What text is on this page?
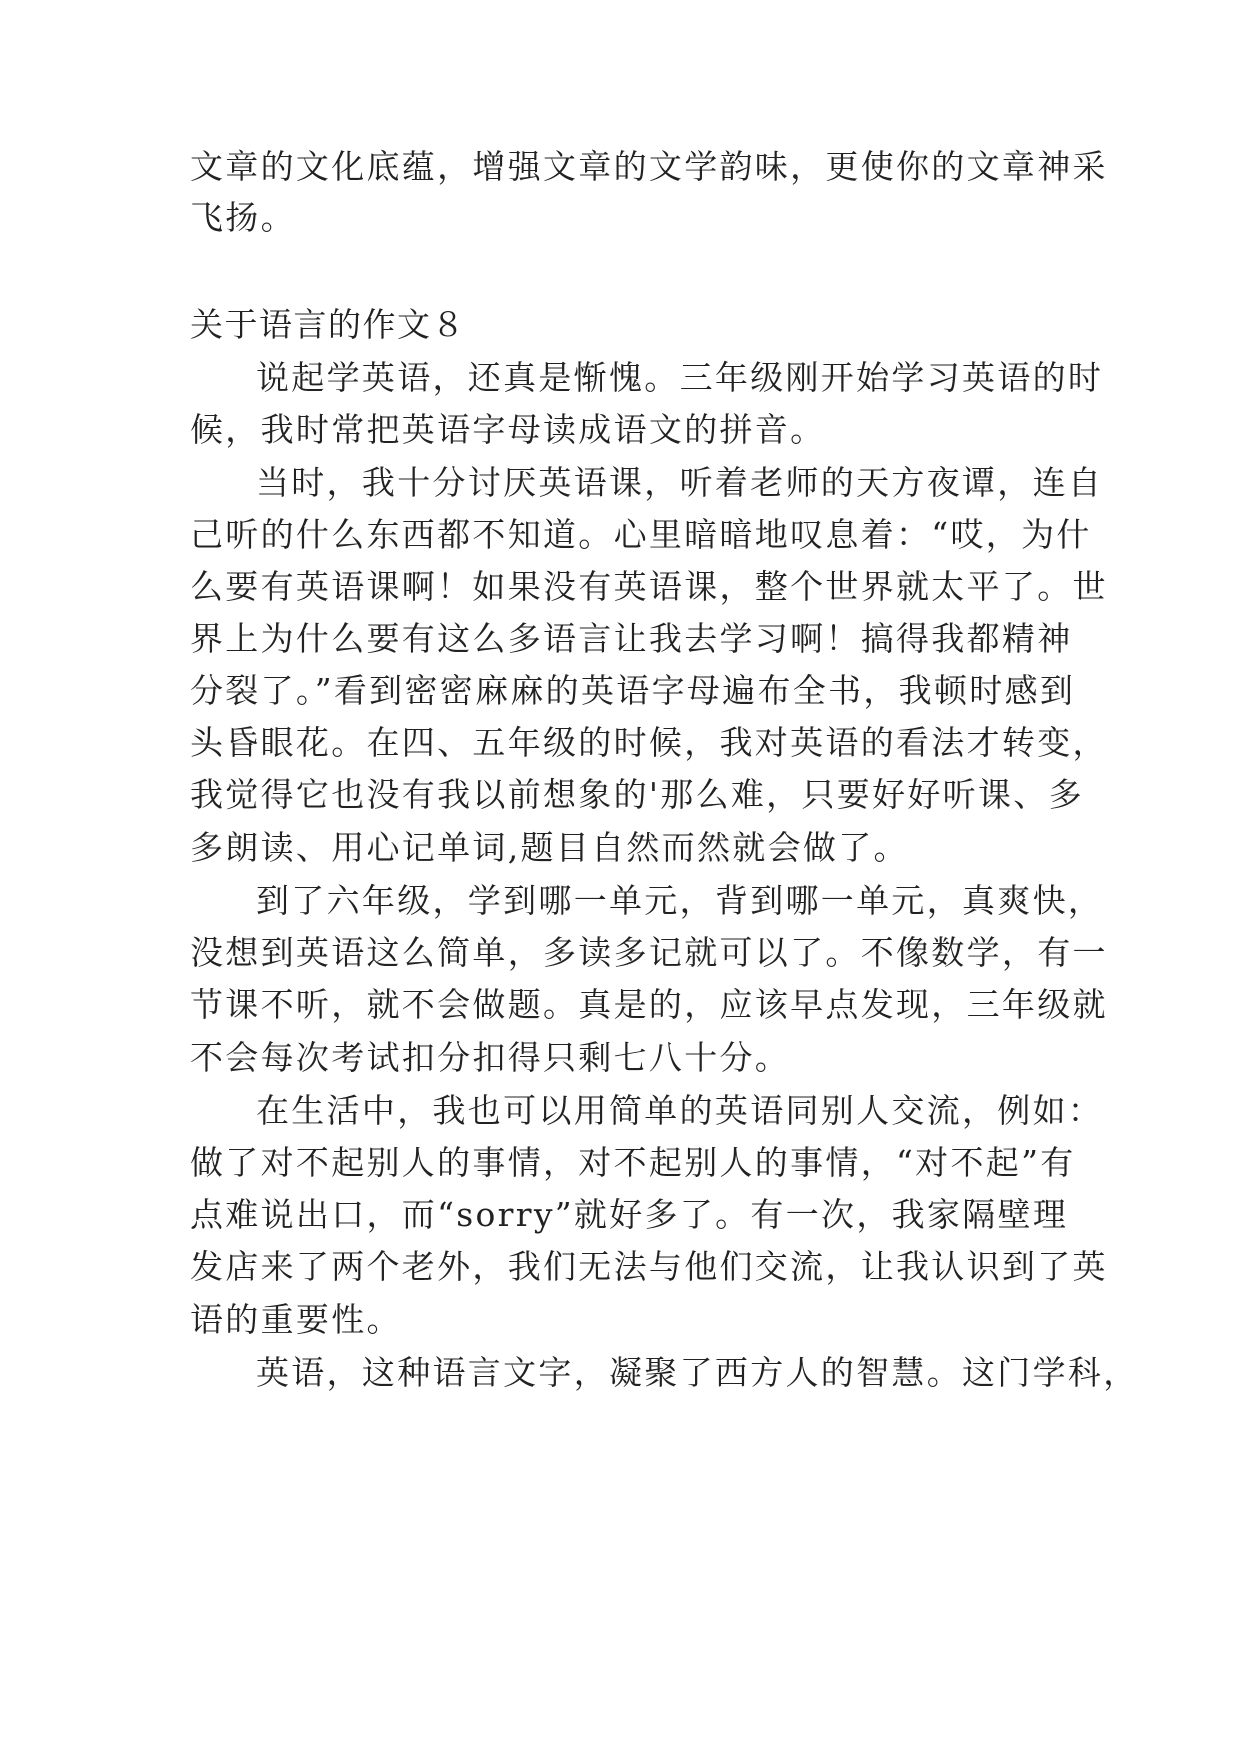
文章的文化底蕴，增强文章的文学韵味，更使你的文章神采
飞扬。
关于语言的作文８
说起学英语，还真是惭愧。三年级刚开始学习英语的时
候，我时常把英语字母读成语文的拼音。
当时，我十分讨厌英语课，听着老师的天方夜谭，连自
己听的什么东西都不知道。心里暗暗地叹息着：“哎，为什
么要有英语课啊！如果没有英语课，整个世界就太平了。世
界上为什么要有这么多语言让我去学习啊！搞得我都精神
分裂了。”看到密密麻麻的英语字母遍布全书，我顿时感到
头昏眼花。在四、五年级的时候，我对英语的看法才转变，
我觉得它也没有我以前想象的'那么难，只要好好听课、多
多朗读、用心记单词,题目自然而然就会做了。
到了六年级，学到哪一单元，背到哪一单元，真爽快，
没想到英语这么简单，多读多记就可以了。不像数学，有一
节课不听，就不会做题。真是的，应该早点发现，三年级就
不会每次考试扣分扣得只剩七八十分。
在生活中，我也可以用简单的英语同别人交流，例如：
做了对不起别人的事情，对不起别人的事情，“对不起”有
点难说出口，而“sorry”就好多了。有一次，我家隔壁理
发店来了两个老外，我们无法与他们交流，让我认识到了英
语的重要性。
英语，这种语言文字，凝聚了西方人的智慧。这门学科，
